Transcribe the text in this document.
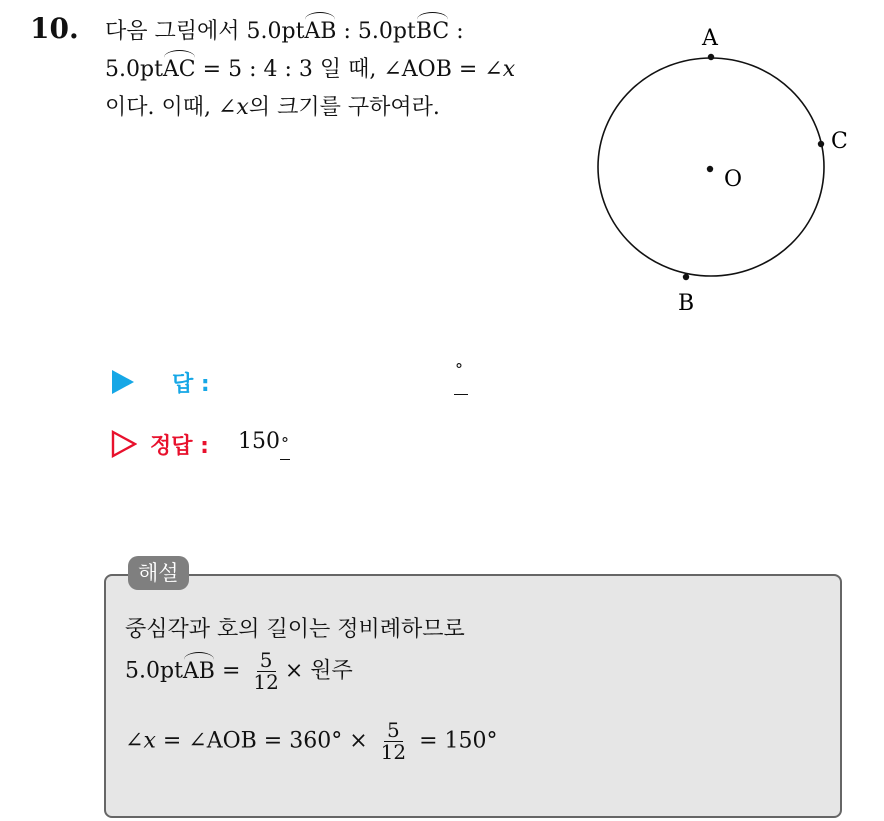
10. 다음 그림에서 5.0ptAB : 5.0ptBC :
5.0ptAC = 5 : 4 : 3 일 때, ∠AOB = ∠x
이다. 이때, ∠x의 크기를 구하여라.
A
B
C
O
답 :
°
정답 : 150°
해설
중심각과 호의 길이는 정비례하므로
5.0ptAB = $\frac{5}{12}$ × 원주
∠x = ∠AOB = $360^\circ \times \frac{5}{12} = 150^\circ$
